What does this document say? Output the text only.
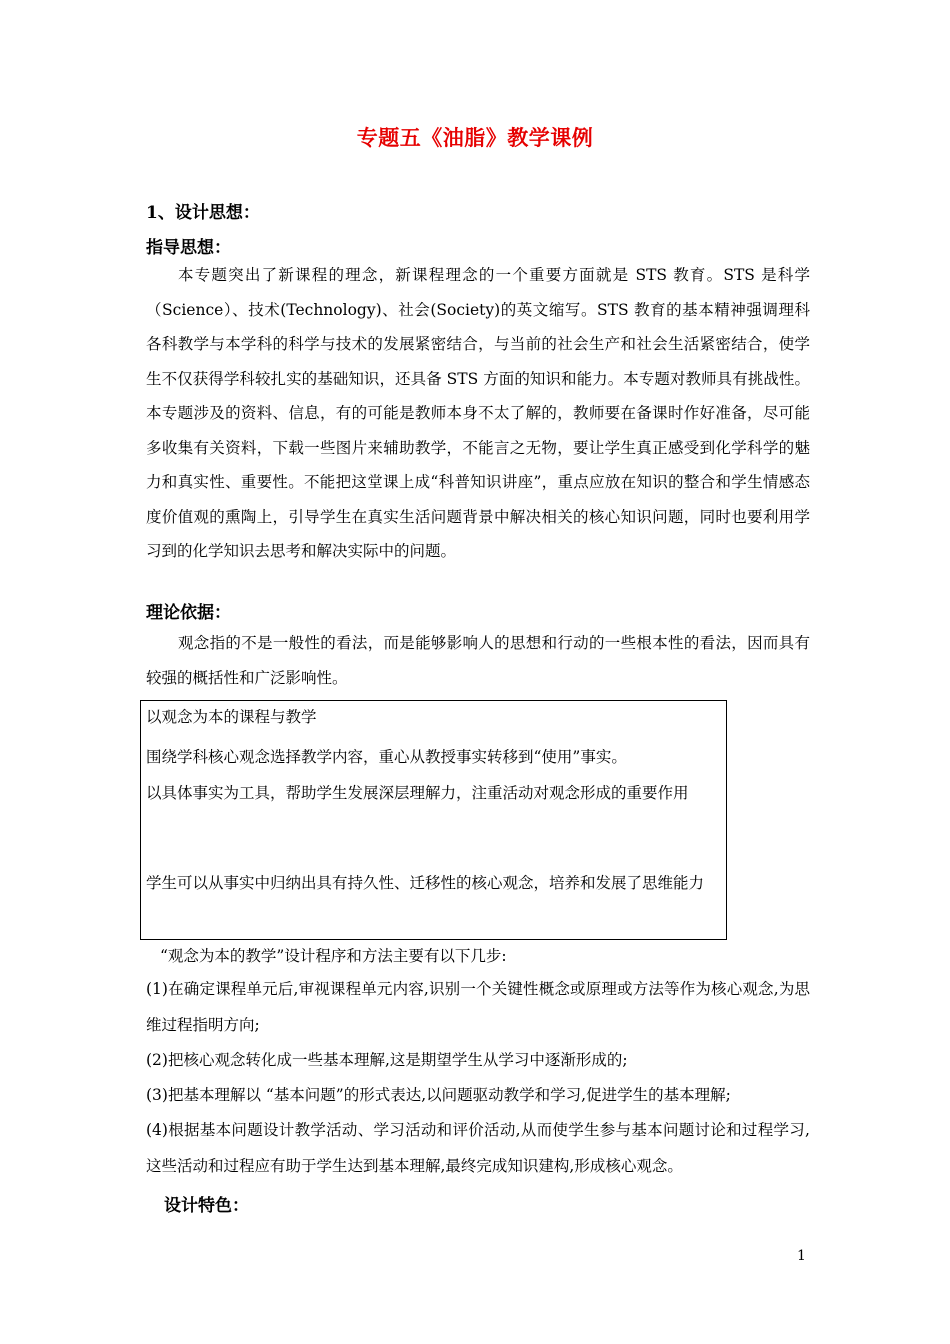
专题五《油脂》教学课例
1、设计思想：
指导思想：

本专题突出了新课程的理念，新课程理念的一个重要方面就是 STS 教育。STS 是科学（Science）、技术(Technology)、社会(Society)的英文缩写。STS 教育的基本精神强调理科各科教学与本学科的科学与技术的发展紧密结合，与当前的社会生产和社会生活紧密结合，使学生不仅获得学科较扎实的基础知识，还具备 STS 方面的知识和能力。本专题对教师具有挑战性。本专题涉及的资料、信息，有的可能是教师本身不太了解的，教师要在备课时作好准备，尽可能多收集有关资料，下载一些图片来辅助教学，不能言之无物，要让学生真正感受到化学科学的魅力和真实性、重要性。不能把这堂课上成“科普知识讲座”，重点应放在知识的整合和学生情感态度价值观的熏陶上，引导学生在真实生活问题背景中解决相关的核心知识问题，同时也要利用学习到的化学知识去思考和解决实际中的问题。

理论依据：

观念指的不是一般性的看法，而是能够影响人的思想和行动的一些根本性的看法，因而具有较强的概括性和广泛影响性。

以观念为本的课程与教学

围绕学科核心观念选择教学内容，重心从教授事实转移到“使用”事实。

以具体事实为工具，帮助学生发展深层理解力，注重活动对观念形成的重要作用

学生可以从事实中归纳出具有持久性、迁移性的核心观念，培养和发展了思维能力

“观念为本的教学”设计程序和方法主要有以下几步:

(1)在确定课程单元后,审视课程单元内容,识别一个关键性概念或原理或方法等作为核心观念,为思维过程指明方向;

(2)把核心观念转化成一些基本理解,这是期望学生从学习中逐渐形成的;

(3)把基本理解以 “基本问题”的形式表达,以问题驱动教学和学习,促进学生的基本理解;

(4)根据基本问题设计教学活动、学习活动和评价活动,从而使学生参与基本问题讨论和过程学习,这些活动和过程应有助于学生达到基本理解,最终完成知识建构,形成核心观念。

设计特色：
1
